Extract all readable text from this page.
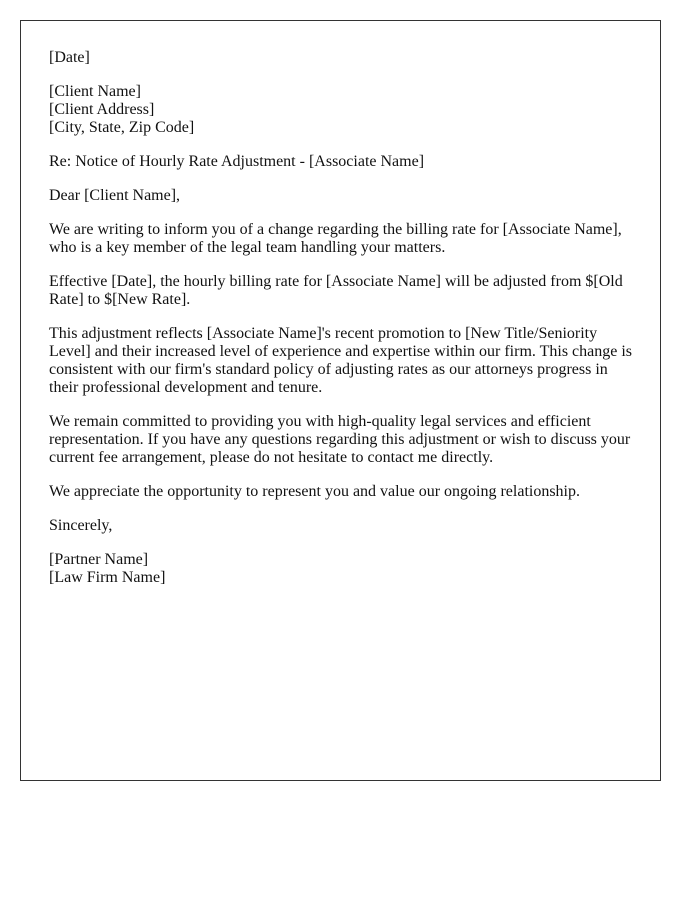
[Date]

[Client Name]
[Client Address]
[City, State, Zip Code]

Re: Notice of Hourly Rate Adjustment - [Associate Name]

Dear [Client Name],

We are writing to inform you of a change regarding the billing rate for [Associate Name], who is a key member of the legal team handling your matters.

Effective [Date], the hourly billing rate for [Associate Name] will be adjusted from $[Old Rate] to $[New Rate].

This adjustment reflects [Associate Name]'s recent promotion to [New Title/Seniority Level] and their increased level of experience and expertise within our firm. This change is consistent with our firm's standard policy of adjusting rates as our attorneys progress in their professional development and tenure.

We remain committed to providing you with high-quality legal services and efficient representation. If you have any questions regarding this adjustment or wish to discuss your current fee arrangement, please do not hesitate to contact me directly.

We appreciate the opportunity to represent you and value our ongoing relationship.

Sincerely,

[Partner Name]
[Law Firm Name]
